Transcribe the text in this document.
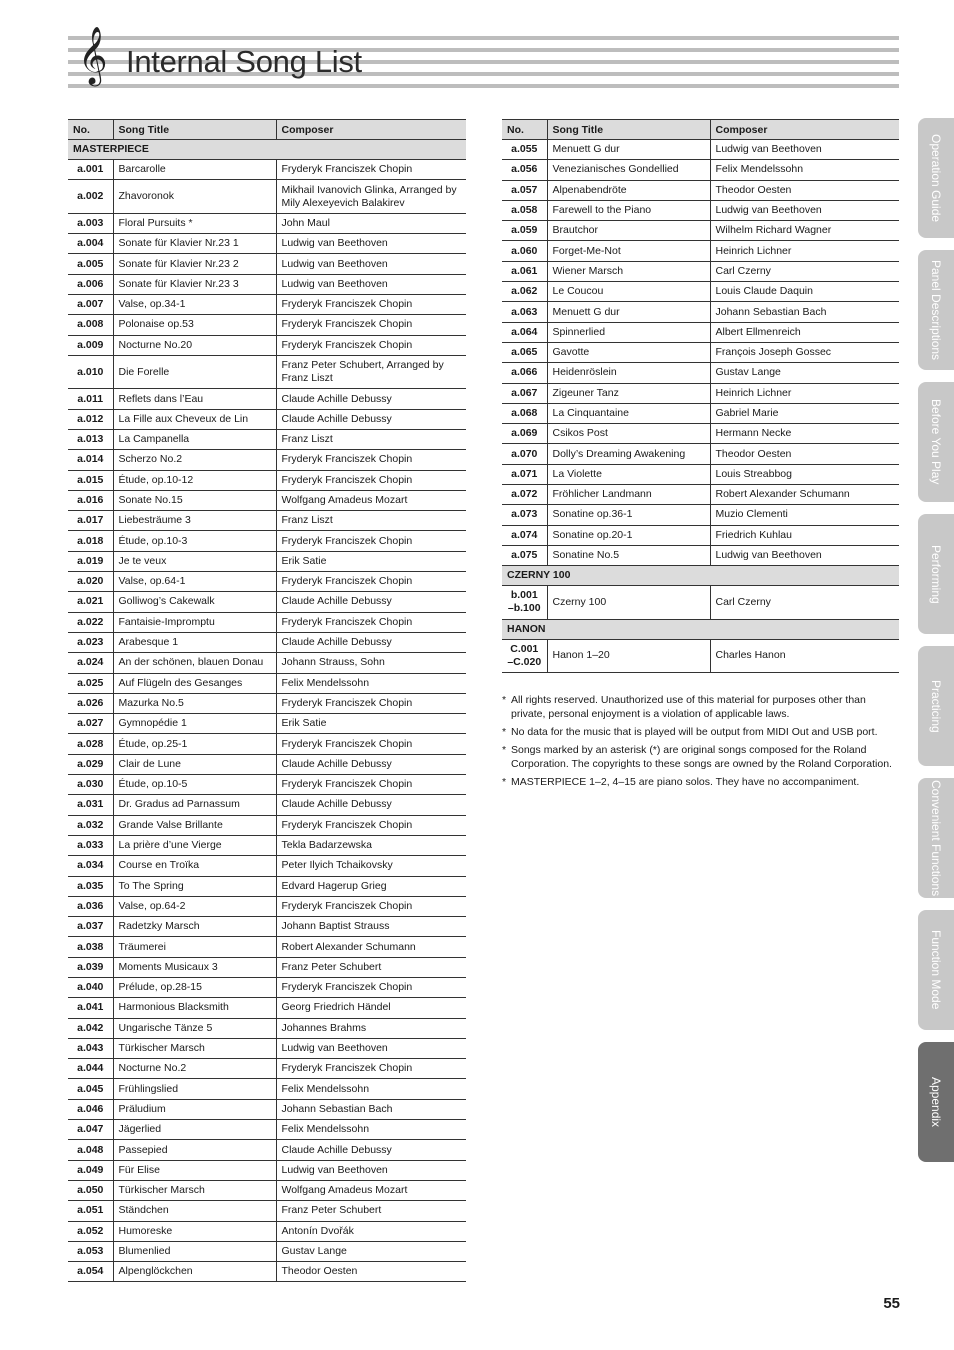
𝄞 Internal Song List
No.	Song Title	Composer
MASTERPIECE		
a.001	Barcarolle	Fryderyk Franciszek Chopin
a.002	Zhavoronok	Mikhail Ivanovich Glinka, Arranged by Mily Alexeyevich Balakirev
a.003	Floral Pursuits *	John Maul
a.004	Sonate für Klavier Nr.23 1	Ludwig van Beethoven
a.005	Sonate für Klavier Nr.23 2	Ludwig van Beethoven
a.006	Sonate für Klavier Nr.23 3	Ludwig van Beethoven
a.007	Valse, op.34-1	Fryderyk Franciszek Chopin
a.008	Polonaise op.53	Fryderyk Franciszek Chopin
a.009	Nocturne No.20	Fryderyk Franciszek Chopin
a.010	Die Forelle	Franz Peter Schubert, Arranged by Franz Liszt
a.011	Reflets dans l’Eau	Claude Achille Debussy
a.012	La Fille aux Cheveux de Lin	Claude Achille Debussy
a.013	La Campanella	Franz Liszt
a.014	Scherzo No.2	Fryderyk Franciszek Chopin
a.015	Étude, op.10-12	Fryderyk Franciszek Chopin
a.016	Sonate No.15	Wolfgang Amadeus Mozart
a.017	Liebesträume 3	Franz Liszt
a.018	Étude, op.10-3	Fryderyk Franciszek Chopin
a.019	Je te veux	Erik Satie
a.020	Valse, op.64-1	Fryderyk Franciszek Chopin
a.021	Golliwog’s Cakewalk	Claude Achille Debussy
a.022	Fantaisie-Impromptu	Fryderyk Franciszek Chopin
a.023	Arabesque 1	Claude Achille Debussy
a.024	An der schönen, blauen Donau	Johann Strauss, Sohn
a.025	Auf Flügeln des Gesanges	Felix Mendelssohn
a.026	Mazurka No.5	Fryderyk Franciszek Chopin
a.027	Gymnopédie 1	Erik Satie
a.028	Étude, op.25-1	Fryderyk Franciszek Chopin
a.029	Clair de Lune	Claude Achille Debussy
a.030	Étude, op.10-5	Fryderyk Franciszek Chopin
a.031	Dr. Gradus ad Parnassum	Claude Achille Debussy
a.032	Grande Valse Brillante	Fryderyk Franciszek Chopin
a.033	La prière d’une Vierge	Tekla Badarzewska
a.034	Course en Troïka	Peter Ilyich Tchaikovsky
a.035	To The Spring	Edvard Hagerup Grieg
a.036	Valse, op.64-2	Fryderyk Franciszek Chopin
a.037	Radetzky Marsch	Johann Baptist Strauss
a.038	Träumerei	Robert Alexander Schumann
a.039	Moments Musicaux 3	Franz Peter Schubert
a.040	Prélude, op.28-15	Fryderyk Franciszek Chopin
a.041	Harmonious Blacksmith	Georg Friedrich Händel
a.042	Ungarische Tänze 5	Johannes Brahms
a.043	Türkischer Marsch	Ludwig van Beethoven
a.044	Nocturne No.2	Fryderyk Franciszek Chopin
a.045	Frühlingslied	Felix Mendelssohn
a.046	Präludium	Johann Sebastian Bach
a.047	Jägerlied	Felix Mendelssohn
a.048	Passepied	Claude Achille Debussy
a.049	Für Elise	Ludwig van Beethoven
a.050	Türkischer Marsch	Wolfgang Amadeus Mozart
a.051	Ständchen	Franz Peter Schubert
a.052	Humoreske	Antonín Dvořák
a.053	Blumenlied	Gustav Lange
a.054	Alpenglöckchen	Theodor Oesten
No.	Song Title	Composer
a.055	Menuett G dur	Ludwig van Beethoven
a.056	Venezianisches Gondellied	Felix Mendelssohn
a.057	Alpenabendröte	Theodor Oesten
a.058	Farewell to the Piano	Ludwig van Beethoven
a.059	Brautchor	Wilhelm Richard Wagner
a.060	Forget-Me-Not	Heinrich Lichner
a.061	Wiener Marsch	Carl Czerny
a.062	Le Coucou	Louis Claude Daquin
a.063	Menuett G dur	Johann Sebastian Bach
a.064	Spinnerlied	Albert Ellmenreich
a.065	Gavotte	François Joseph Gossec
a.066	Heidenröslein	Gustav Lange
a.067	Zigeuner Tanz	Heinrich Lichner
a.068	La Cinquantaine	Gabriel Marie
a.069	Csikos Post	Hermann Necke
a.070	Dolly’s Dreaming Awakening	Theodor Oesten
a.071	La Violette	Louis Streabbog
a.072	Fröhlicher Landmann	Robert Alexander Schumann
a.073	Sonatine op.36-1	Muzio Clementi
a.074	Sonatine op.20-1	Friedrich Kuhlau
a.075	Sonatine No.5	Ludwig van Beethoven
CZERNY 100		
b.001 –b.100	Czerny 100	Carl Czerny
HANON		
C.001 –C.020	Hanon 1–20	Charles Hanon
* All rights reserved. Unauthorized use of this material for purposes other than private, personal enjoyment is a violation of applicable laws.
* No data for the music that is played will be output from MIDI Out and USB port.
* Songs marked by an asterisk (*) are original songs composed for the Roland Corporation. The copyrights to these songs are owned by the Roland Corporation.
* MASTERPIECE 1–2, 4–15 are piano solos. They have no accompaniment.
Operation Guide
Panel Descriptions
Before You Play
Performing
Practicing
Convenient Functions
Function Mode
Appendix
55
